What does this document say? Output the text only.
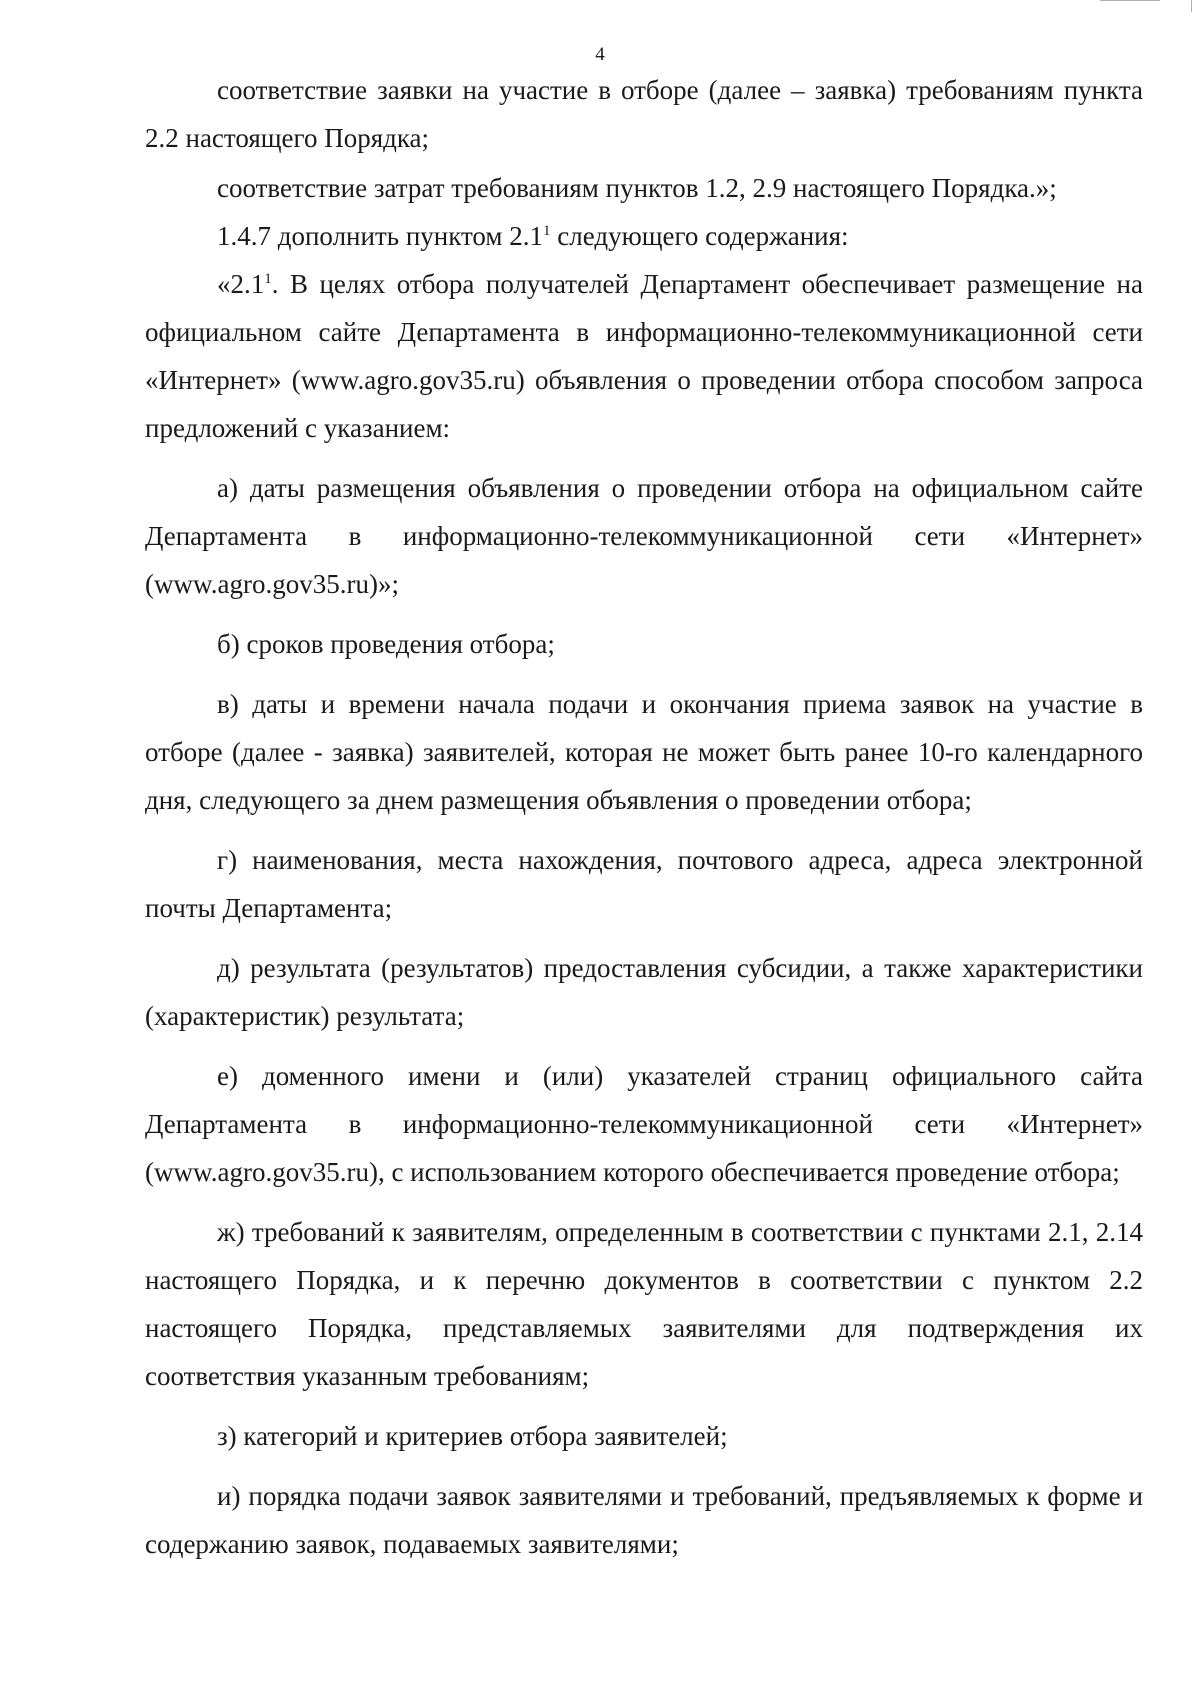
4

соответствие заявки на участие в отборе (далее – заявка) требованиям пункта 2.2 настоящего Порядка;

соответствие затрат требованиям пунктов 1.2, 2.9 настоящего Порядка.»;

1.4.7 дополнить пунктом $2.1^1$ следующего содержания:

«$2.1^1$. В целях отбора получателей Департамент обеспечивает размещение на официальном сайте Департамента в информационно-телекоммуникационной сети «Интернет» (www.agro.gov35.ru) объявления о проведении отбора способом запроса предложений с указанием:

а) даты размещения объявления о проведении отбора на официальном сайте Департамента в информационно-телекоммуникационной сети «Интернет» (www.agro.gov35.ru)»;

б) сроков проведения отбора;

в) даты и времени начала подачи и окончания приема заявок на участие в отборе (далее - заявка) заявителей, которая не может быть ранее 10-го календарного дня, следующего за днем размещения объявления о проведении отбора;

г) наименования, места нахождения, почтового адреса, адреса электронной почты Департамента;

д) результата (результатов) предоставления субсидии, а также характеристики (характеристик) результата;

е) доменного имени и (или) указателей страниц официального сайта Департамента в информационно-телекоммуникационной сети «Интернет» (www.agro.gov35.ru), с использованием которого обеспечивается проведение отбора;

ж) требований к заявителям, определенным в соответствии с пунктами 2.1, 2.14 настоящего Порядка, и к перечню документов в соответствии с пунктом 2.2 настоящего Порядка, представляемых заявителями для подтверждения их соответствия указанным требованиям;

з) категорий и критериев отбора заявителей;

и) порядка подачи заявок заявителями и требований, предъявляемых к форме и содержанию заявок, подаваемых заявителями;
